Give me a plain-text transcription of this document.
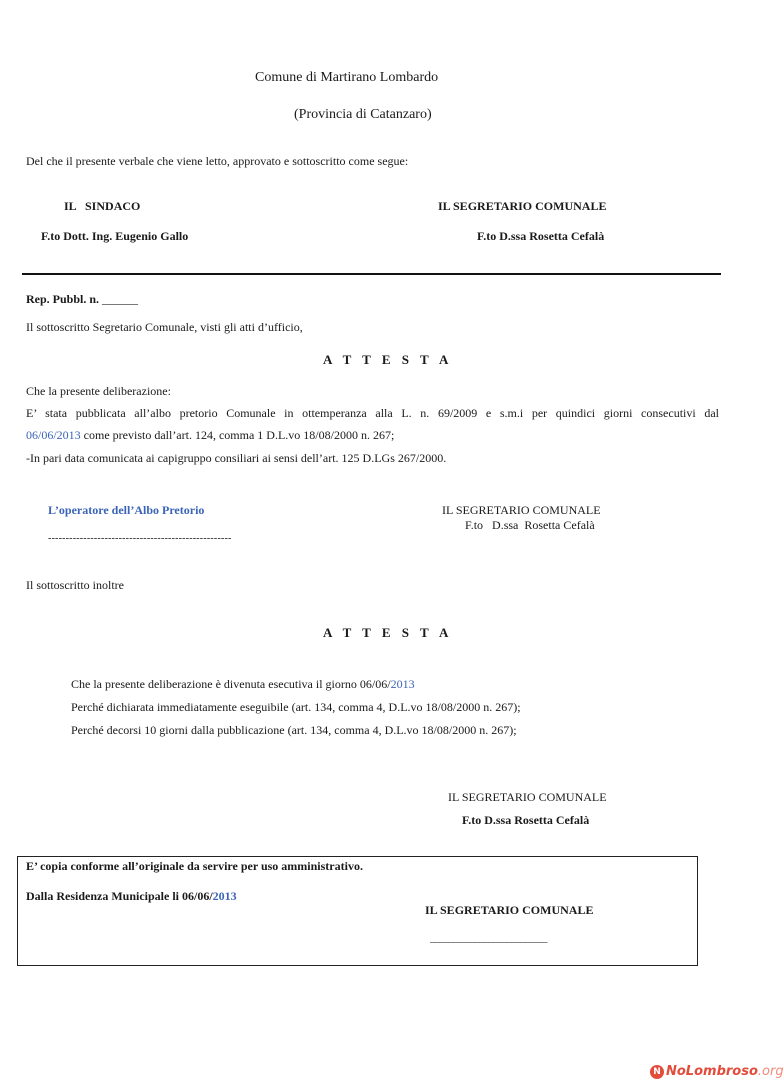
Comune di Martirano Lombardo
(Provincia di Catanzaro)
Del che il presente verbale che viene letto, approvato e sottoscritto come segue:
IL   SINDACO	IL SEGRETARIO COMUNALE
F.to Dott. Ing. Eugenio Gallo	F.to D.ssa Rosetta Cefalà
Rep. Pubbl. n. ______
Il sottoscritto Segretario Comunale, visti gli atti d’ufficio,
A T T E S T A
Che la presente deliberazione:
E’ stata pubblicata all’albo pretorio Comunale in ottemperanza alla L. n. 69/2009 e s.m.i per quindici giorni consecutivi dal
06/06/2013 come previsto dall’art. 124, comma 1 D.L.vo 18/08/2000 n. 267;
-In pari data comunicata ai capigruppo consiliari ai sensi dell’art. 125 D.LGs 267/2000.
L’operatore dell’Albo Pretorio
----------------------------------------------------
IL SEGRETARIO COMUNALE
F.to   D.ssa  Rosetta Cefalà
Il sottoscritto inoltre
A T T E S T A
Che la presente deliberazione è divenuta esecutiva il giorno 06/06/2013
Perché dichiarata immediatamente eseguibile (art. 134, comma 4, D.L.vo 18/08/2000 n. 267);
Perché decorsi 10 giorni dalla pubblicazione (art. 134, comma 4, D.L.vo 18/08/2000 n. 267);
IL SEGRETARIO COMUNALE
F.to D.ssa Rosetta Cefalà
E’ copia conforme all’originale da servire per uso amministrativo.
Dalla Residenza Municipale li 06/06/2013
IL SEGRETARIO COMUNALE
__________________________
N NoLombroso.org
